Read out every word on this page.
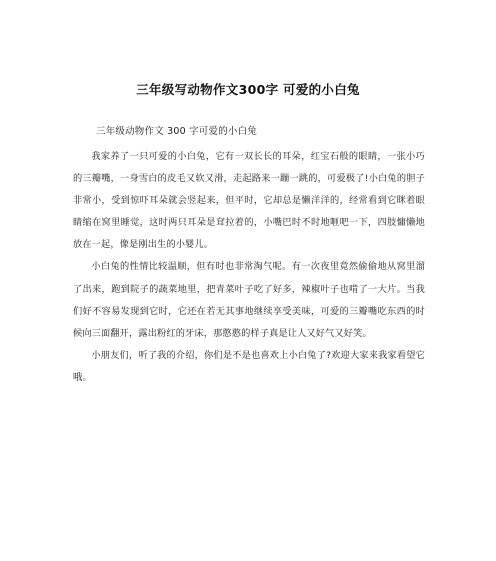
三年级写动物作文300字 可爱的小白兔
三年级动物作文 300 字可爱的小白兔

我家养了一只可爱的小白兔，它有一双长长的耳朵，红宝石般的眼睛，一张小巧的三瓣嘴，一身雪白的皮毛又软又滑，走起路来一蹦一跳的，可爱极了!小白兔的胆子非常小，受到惊吓耳朵就会竖起来，但平时，它却总是懒洋洋的，经常看到它眯着眼睛缩在窝里睡觉，这时两只耳朵是耷拉着的，小嘴巴时不时地咂吧一下，四肢慵懒地放在一起，像是刚出生的小婴儿。

小白兔的性情比较温顺，但有时也非常淘气呢。有一次夜里竟然偷偷地从窝里溜了出来，跑到院子的蔬菜地里，把青菜叶子吃了好多，辣椒叶子也啃了一大片。当我们好不容易发现到它时，它还在若无其事地继续享受美味，可爱的三瓣嘴吃东西的时候向三面翻开，露出粉红的牙床，那憨憨的样子真是让人又好气又好笑。

小朋友们，听了我的介绍，你们是不是也喜欢上小白兔了?欢迎大家来我家看望它哦。
